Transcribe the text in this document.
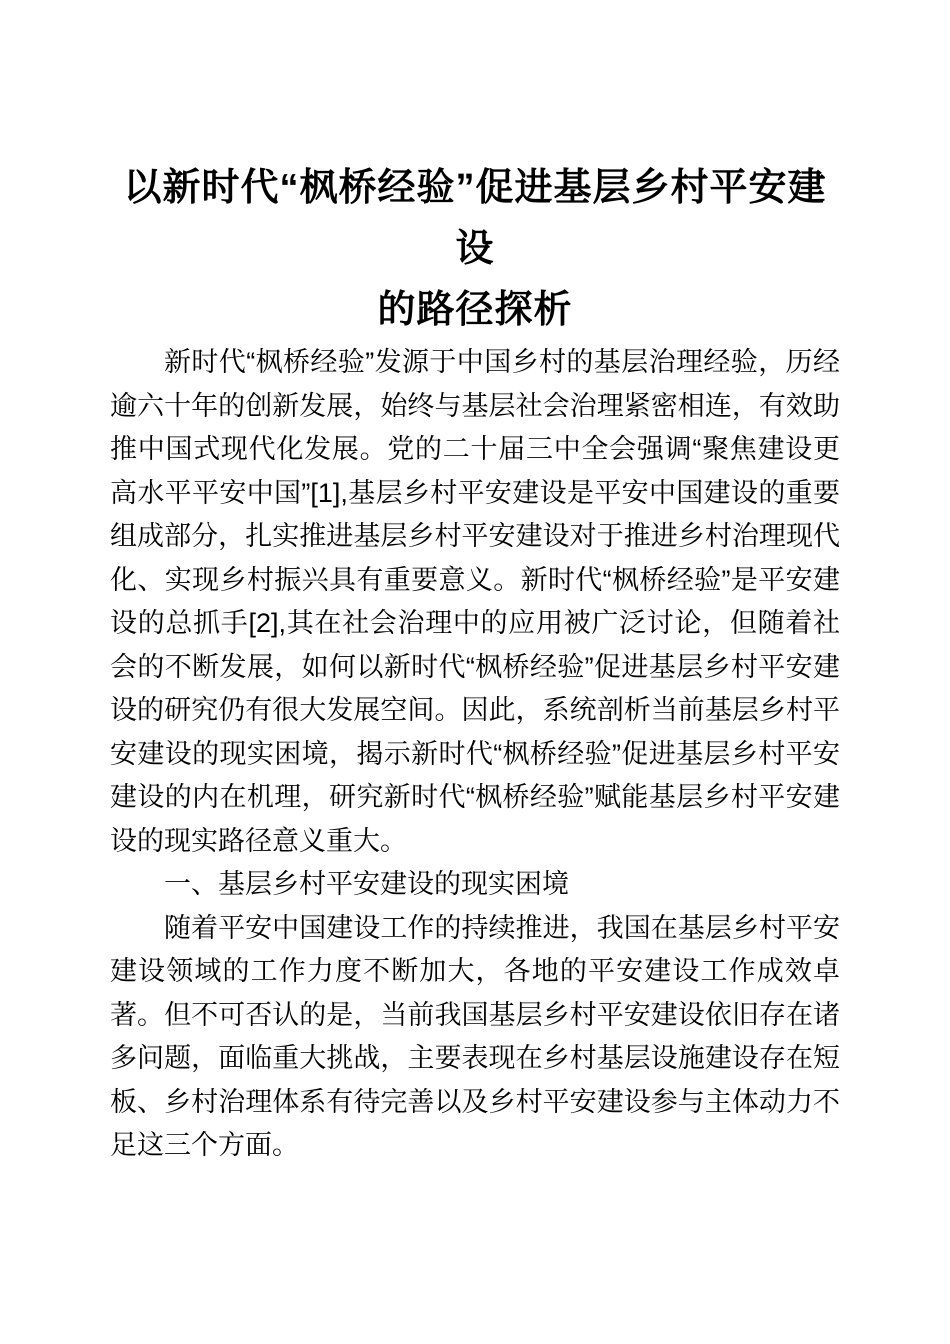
以新时代“枫桥经验”促进基层乡村平安建设
的路径探析

新时代“枫桥经验”发源于中国乡村的基层治理经验，历经逾六十年的创新发展，始终与基层社会治理紧密相连，有效助推中国式现代化发展。党的二十届三中全会强调“聚焦建设更高水平平安中国”[1],基层乡村平安建设是平安中国建设的重要组成部分，扎实推进基层乡村平安建设对于推进乡村治理现代化、实现乡村振兴具有重要意义。新时代“枫桥经验”是平安建设的总抓手[2],其在社会治理中的应用被广泛讨论，但随着社会的不断发展，如何以新时代“枫桥经验”促进基层乡村平安建设的研究仍有很大发展空间。因此，系统剖析当前基层乡村平安建设的现实困境，揭示新时代“枫桥经验”促进基层乡村平安建设的内在机理，研究新时代“枫桥经验”赋能基层乡村平安建设的现实路径意义重大。

一、基层乡村平安建设的现实困境

随着平安中国建设工作的持续推进，我国在基层乡村平安建设领域的工作力度不断加大，各地的平安建设工作成效卓著。但不可否认的是，当前我国基层乡村平安建设依旧存在诸多问题，面临重大挑战，主要表现在乡村基层设施建设存在短板、乡村治理体系有待完善以及乡村平安建设参与主体动力不足这三个方面。
